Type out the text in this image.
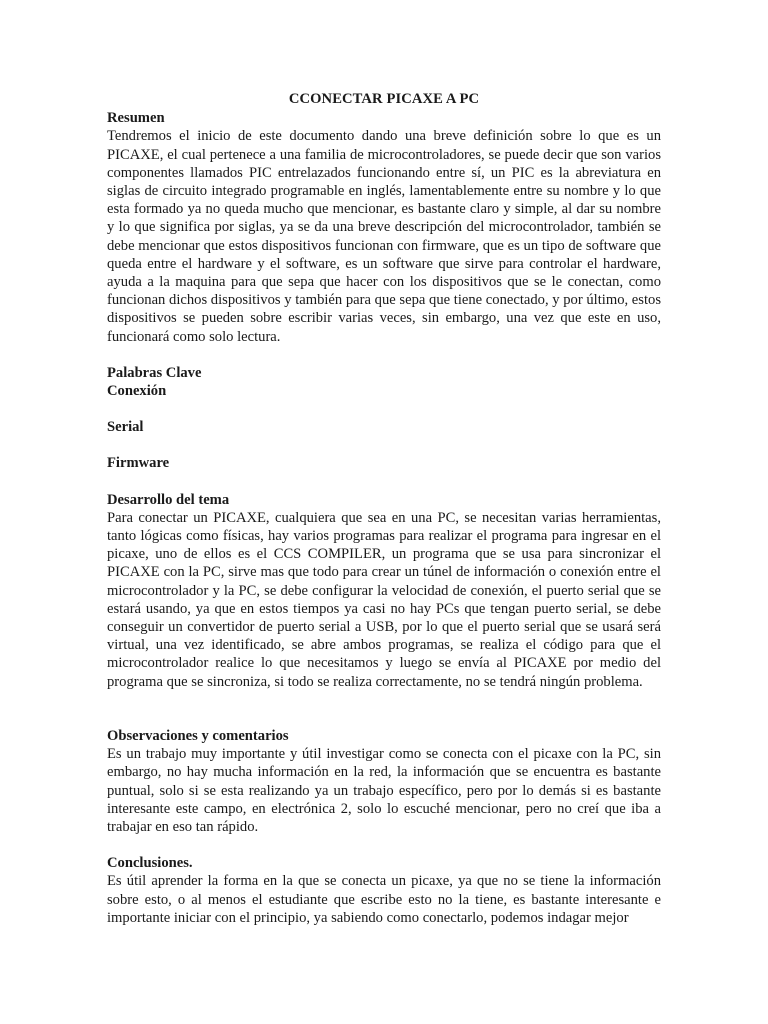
CCONECTAR PICAXE A PC

Resumen

Tendremos el inicio de este documento dando una breve definición sobre lo que es un PICAXE, el cual pertenece a una familia de microcontroladores, se puede decir que son varios componentes llamados PIC entrelazados funcionando entre sí, un PIC es la abreviatura en siglas de circuito integrado programable en inglés, lamentablemente entre su nombre y lo que esta formado ya no queda mucho que mencionar, es bastante claro y simple, al dar su nombre y lo que significa por siglas, ya se da una breve descripción del microcontrolador, también se debe mencionar que estos dispositivos funcionan con firmware, que es un tipo de software que queda entre el hardware y el software, es un software que sirve para controlar el hardware, ayuda a la maquina para que sepa que hacer con los dispositivos que se le conectan, como funcionan dichos dispositivos y también para que sepa que tiene conectado, y por último, estos dispositivos se pueden sobre escribir varias veces, sin embargo, una vez que este en uso, funcionará como solo lectura.

Palabras Clave

Conexión

Serial

Firmware

Desarrollo del tema

Para conectar un PICAXE, cualquiera que sea en una PC, se necesitan varias herramientas, tanto lógicas como físicas, hay varios programas para realizar el programa para ingresar en el picaxe, uno de ellos es el CCS COMPILER, un programa que se usa para sincronizar el PICAXE con la PC, sirve mas que todo para crear un túnel de información o conexión entre el microcontrolador y la PC, se debe configurar la velocidad de conexión, el puerto serial que se estará usando, ya que en estos tiempos ya casi no hay PCs que tengan puerto serial, se debe conseguir un convertidor de puerto serial a USB, por lo que el puerto serial que se usará será virtual, una vez identificado, se abre ambos programas, se realiza el código para que el microcontrolador realice lo que necesitamos y luego se envía al PICAXE por medio del programa que se sincroniza, si todo se realiza correctamente, no se tendrá ningún problema.

Observaciones y comentarios

Es un trabajo muy importante y útil investigar como se conecta con el picaxe con la PC, sin embargo, no hay mucha información en la red, la información que se encuentra es bastante puntual, solo si se esta realizando ya un trabajo específico, pero por lo demás si es bastante interesante este campo, en electrónica 2, solo lo escuché mencionar, pero no creí que iba a trabajar en eso tan rápido.

Conclusiones.

Es útil aprender la forma en la que se conecta un picaxe, ya que no se tiene la información sobre esto, o al menos el estudiante que escribe esto no la tiene, es bastante interesante e importante iniciar con el principio, ya sabiendo como conectarlo, podemos indagar mejor
